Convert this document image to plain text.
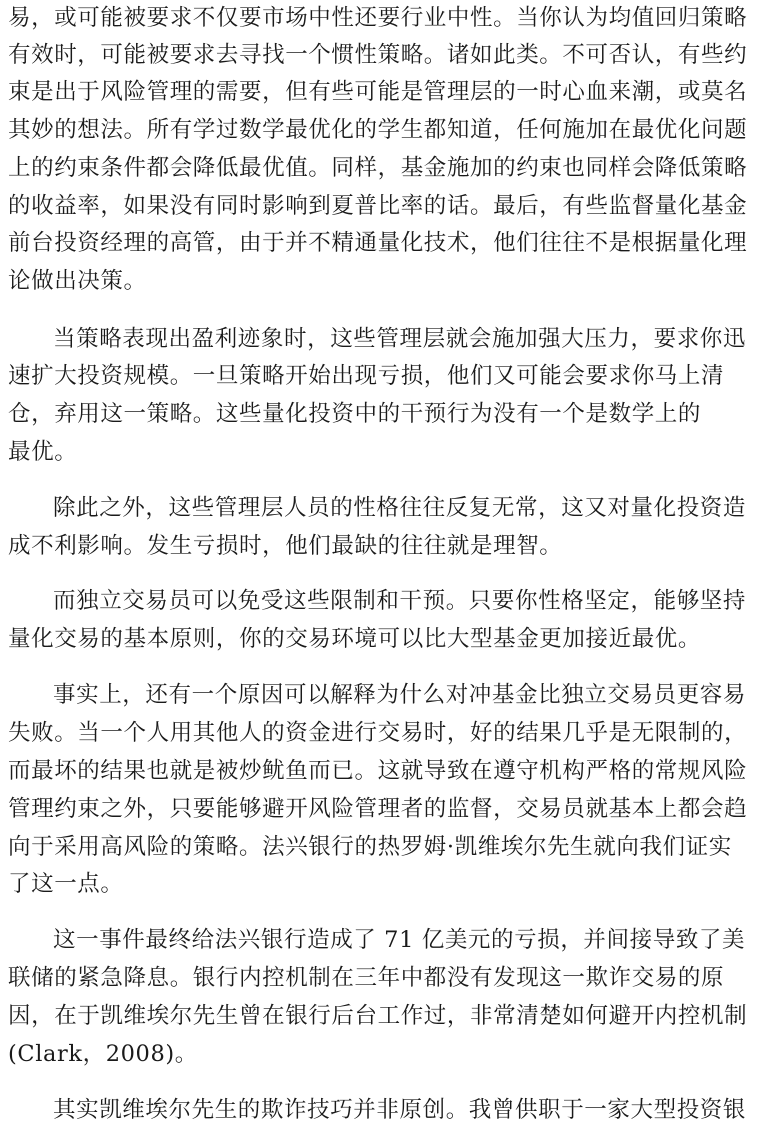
易，或可能被要求不仅要市场中性还要行业中性。当你认为均值回归策略
有效时，可能被要求去寻找一个惯性策略。诸如此类。不可否认，有些约
束是出于风险管理的需要，但有些可能是管理层的一时心血来潮，或莫名
其妙的想法。所有学过数学最优化的学生都知道，任何施加在最优化问题
上的约束条件都会降低最优值。同样，基金施加的约束也同样会降低策略
的收益率，如果没有同时影响到夏普比率的话。最后，有些监督量化基金
前台投资经理的高管，由于并不精通量化技术，他们往往不是根据量化理
论做出决策。
当策略表现出盈利迹象时，这些管理层就会施加强大压力，要求你迅
速扩大投资规模。一旦策略开始出现亏损，他们又可能会要求你马上清
仓，弃用这一策略。这些量化投资中的干预行为没有一个是数学上的
最优。
除此之外，这些管理层人员的性格往往反复无常，这又对量化投资造
成不利影响。发生亏损时，他们最缺的往往就是理智。
而独立交易员可以免受这些限制和干预。只要你性格坚定，能够坚持
量化交易的基本原则，你的交易环境可以比大型基金更加接近最优。
事实上，还有一个原因可以解释为什么对冲基金比独立交易员更容易
失败。当一个人用其他人的资金进行交易时，好的结果几乎是无限制的，
而最坏的结果也就是被炒鱿鱼而已。这就导致在遵守机构严格的常规风险
管理约束之外，只要能够避开风险管理者的监督，交易员就基本上都会趋
向于采用高风险的策略。法兴银行的热罗姆·凯维埃尔先生就向我们证实
了这一点。
这一事件最终给法兴银行造成了 71 亿美元的亏损，并间接导致了美
联储的紧急降息。银行内控机制在三年中都没有发现这一欺诈交易的原
因，在于凯维埃尔先生曾在银行后台工作过，非常清楚如何避开内控机制
(Clark，2008)。
其实凯维埃尔先生的欺诈技巧并非原创。我曾供职于一家大型投资银
